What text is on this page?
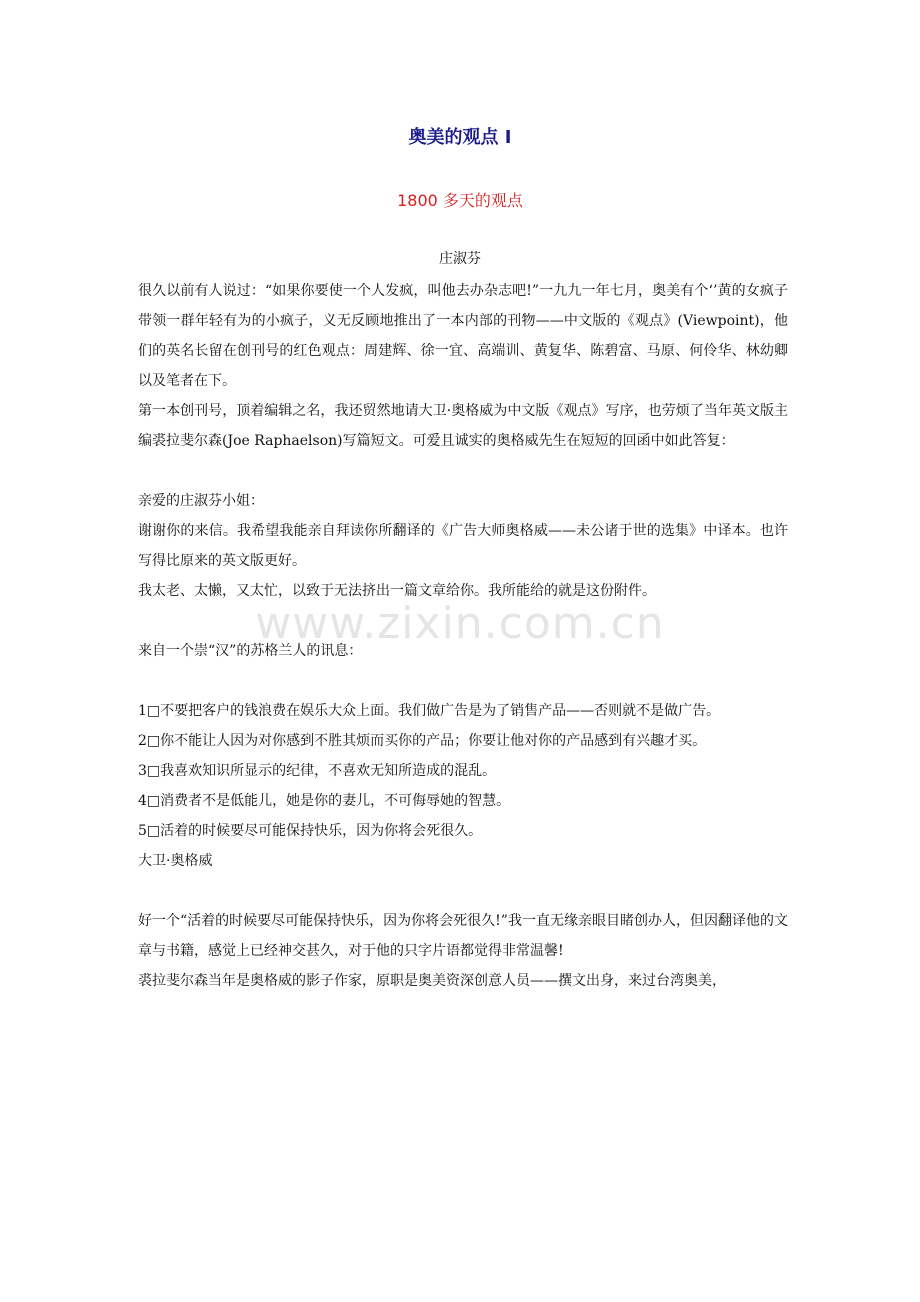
www.zixin.com.cn
奥美的观点 I
1800 多天的观点
庄淑芬

很久以前有人说过：“如果你要使一个人发疯，叫他去办杂志吧!”一九九一年七月，奥美有个‘’黄的女疯子带领一群年轻有为的小疯子，义无反顾地推出了一本内部的刊物——中文版的《观点》(Viewpoint)，他们的英名长留在创刊号的红色观点：周建辉、徐一宜、高端训、黄复华、陈碧富、马原、何伶华、林幼卿以及笔者在下。

第一本创刊号，顶着编辑之名，我还贸然地请大卫·奥格威为中文版《观点》写序，也劳烦了当年英文版主编裘拉斐尔森(Joe Raphaelson)写篇短文。可爱且诚实的奥格威先生在短短的回函中如此答复：

亲爱的庄淑芬小姐：

谢谢你的来信。我希望我能亲自拜读你所翻译的《广告大师奥格威——未公诸于世的选集》中译本。也许写得比原来的英文版更好。

我太老、太懒，又太忙，以致于无法挤出一篇文章给你。我所能给的就是这份附件。

来自一个崇“汉”的苏格兰人的讯息：

1□不要把客户的钱浪费在娱乐大众上面。我们做广告是为了销售产品——否则就不是做广告。

2□你不能让人因为对你感到不胜其烦而买你的产品；你要让他对你的产品感到有兴趣才买。

3□我喜欢知识所显示的纪律，不喜欢无知所造成的混乱。

4□消费者不是低能儿，她是你的妻儿，不可侮辱她的智慧。

5□活着的时候要尽可能保持快乐，因为你将会死很久。

大卫·奥格威

好一个“活着的时候要尽可能保持快乐，因为你将会死很久!”我一直无缘亲眼目睹创办人，但因翻译他的文章与书籍，感觉上已经神交甚久，对于他的只字片语都觉得非常温馨!

裘拉斐尔森当年是奥格威的影子作家，原职是奥美资深创意人员——撰文出身，来过台湾奥美，
